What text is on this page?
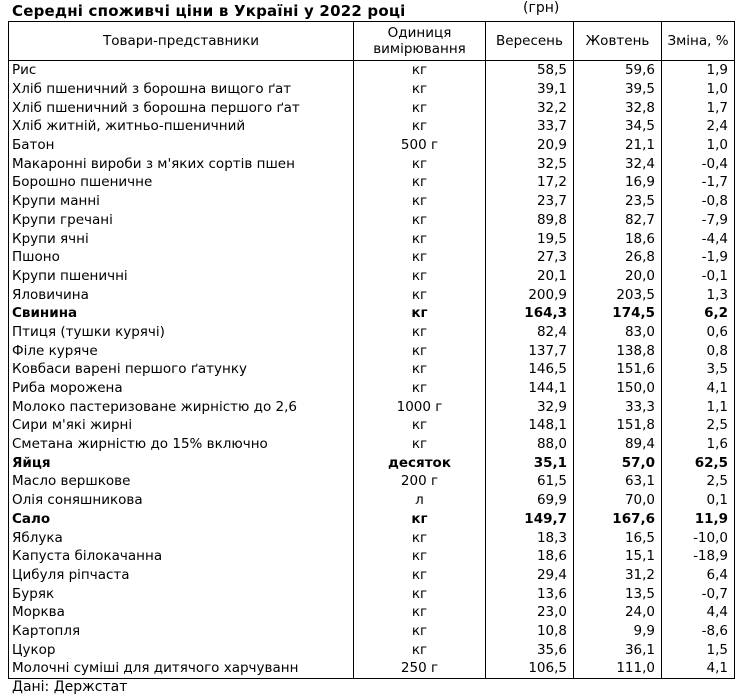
Середні споживчі ціни в Україні у 2022 році	(грн)
Товари-представники	Одиниця вимірювання	Вересень	Жовтень	Зміна, %
Рис	кг	58,5	59,6	1,9
Хліб пшеничний з борошна вищого ґат	кг	39,1	39,5	1,0
Хліб пшеничний з борошна першого ґат	кг	32,2	32,8	1,7
Хліб житній, житньо-пшеничний	кг	33,7	34,5	2,4
Батон	500 г	20,9	21,1	1,0
Макаронні вироби з м'яких сортів пшен	кг	32,5	32,4	-0,4
Борошно пшеничне	кг	17,2	16,9	-1,7
Крупи манні	кг	23,7	23,5	-0,8
Крупи гречані	кг	89,8	82,7	-7,9
Крупи ячні	кг	19,5	18,6	-4,4
Пшоно	кг	27,3	26,8	-1,9
Крупи пшеничні	кг	20,1	20,0	-0,1
Яловичина	кг	200,9	203,5	1,3
Свинина	кг	164,3	174,5	6,2
Птиця (тушки курячі)	кг	82,4	83,0	0,6
Філе куряче	кг	137,7	138,8	0,8
Ковбаси варені першого ґатунку	кг	146,5	151,6	3,5
Риба морожена	кг	144,1	150,0	4,1
Молоко пастеризоване жирністю до 2,6	1000 г	32,9	33,3	1,1
Сири м'які жирні	кг	148,1	151,8	2,5
Сметана жирністю до 15% включно	кг	88,0	89,4	1,6
Яйця	десяток	35,1	57,0	62,5
Масло вершкове	200 г	61,5	63,1	2,5
Олія соняшникова	л	69,9	70,0	0,1
Сало	кг	149,7	167,6	11,9
Яблука	кг	18,3	16,5	-10,0
Капуста білокачанна	кг	18,6	15,1	-18,9
Цибуля ріпчаста	кг	29,4	31,2	6,4
Буряк	кг	13,6	13,5	-0,7
Морква	кг	23,0	24,0	4,4
Картопля	кг	10,8	9,9	-8,6
Цукор	кг	35,6	36,1	1,5
Молочні суміші для дитячого харчуванн	250 г	106,5	111,0	4,1
Дані: Держстат
